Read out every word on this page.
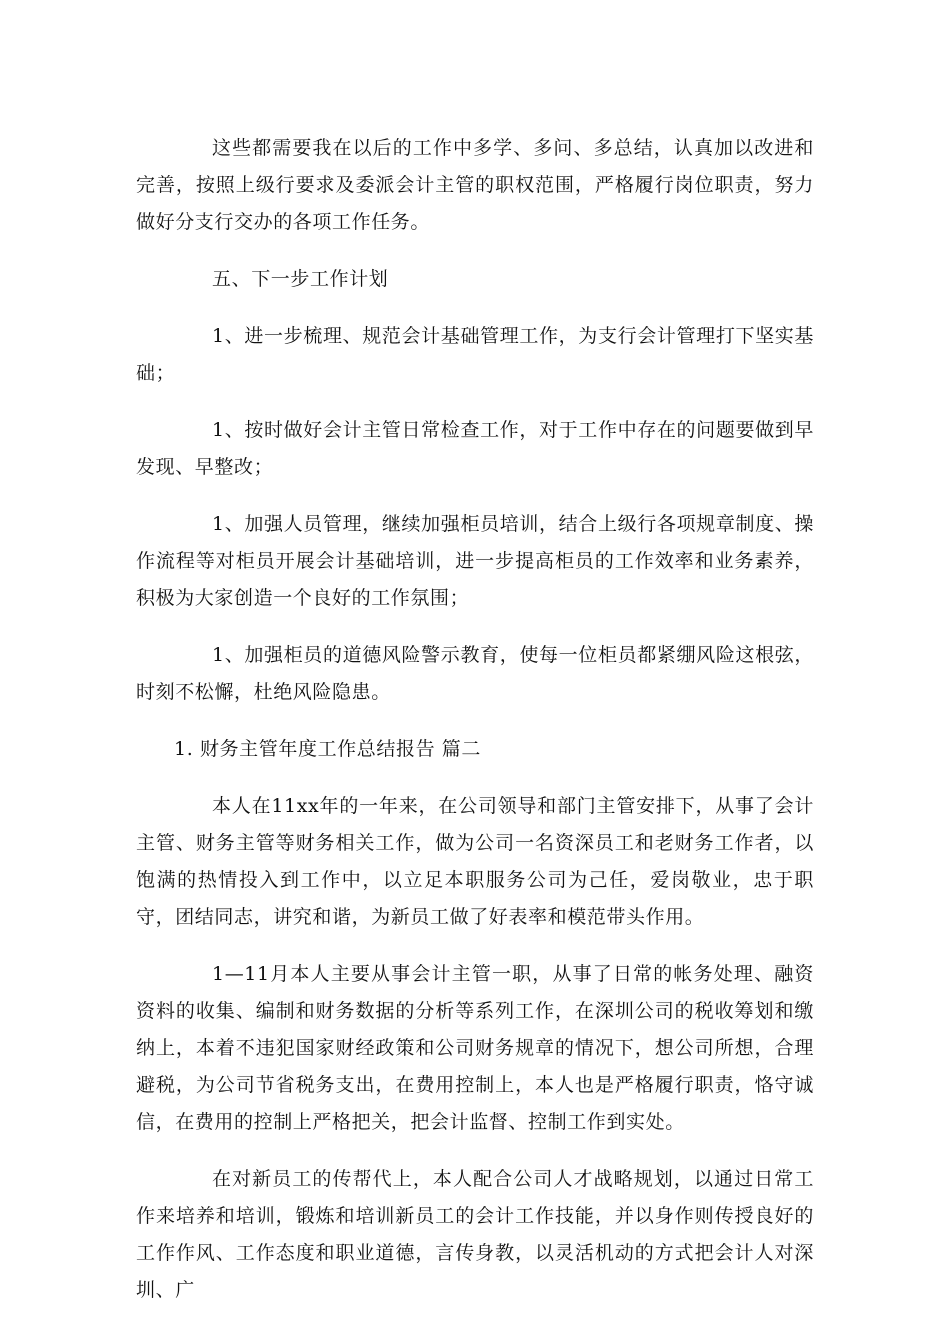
这些都需要我在以后的工作中多学、多问、多总结，认真加以改进和完善，按照上级行要求及委派会计主管的职权范围，严格履行岗位职责，努力做好分支行交办的各项工作任务。

五、下一步工作计划

1、进一步梳理、规范会计基础管理工作，为支行会计管理打下坚实基础；

1、按时做好会计主管日常检查工作，对于工作中存在的问题要做到早发现、早整改；

1、加强人员管理，继续加强柜员培训，结合上级行各项规章制度、操作流程等对柜员开展会计基础培训，进一步提高柜员的工作效率和业务素养，积极为大家创造一个良好的工作氛围；

1、加强柜员的道德风险警示教育，使每一位柜员都紧绷风险这根弦，时刻不松懈，杜绝风险隐患。

1. 财务主管年度工作总结报告 篇二

本人在11xx年的一年来，在公司领导和部门主管安排下，从事了会计主管、财务主管等财务相关工作，做为公司一名资深员工和老财务工作者，以饱满的热情投入到工作中，以立足本职服务公司为己任，爱岗敬业，忠于职守，团结同志，讲究和谐，为新员工做了好表率和模范带头作用。

1—11月本人主要从事会计主管一职，从事了日常的帐务处理、融资资料的收集、编制和财务数据的分析等系列工作，在深圳公司的税收筹划和缴纳上，本着不违犯国家财经政策和公司财务规章的情况下，想公司所想，合理避税，为公司节省税务支出，在费用控制上，本人也是严格履行职责，恪守诚信，在费用的控制上严格把关，把会计监督、控制工作到实处。

在对新员工的传帮代上，本人配合公司人才战略规划，以通过日常工作来培养和培训，锻炼和培训新员工的会计工作技能，并以身作则传授良好的工作作风、工作态度和职业道德，言传身教，以灵活机动的方式把会计人对深圳、广
